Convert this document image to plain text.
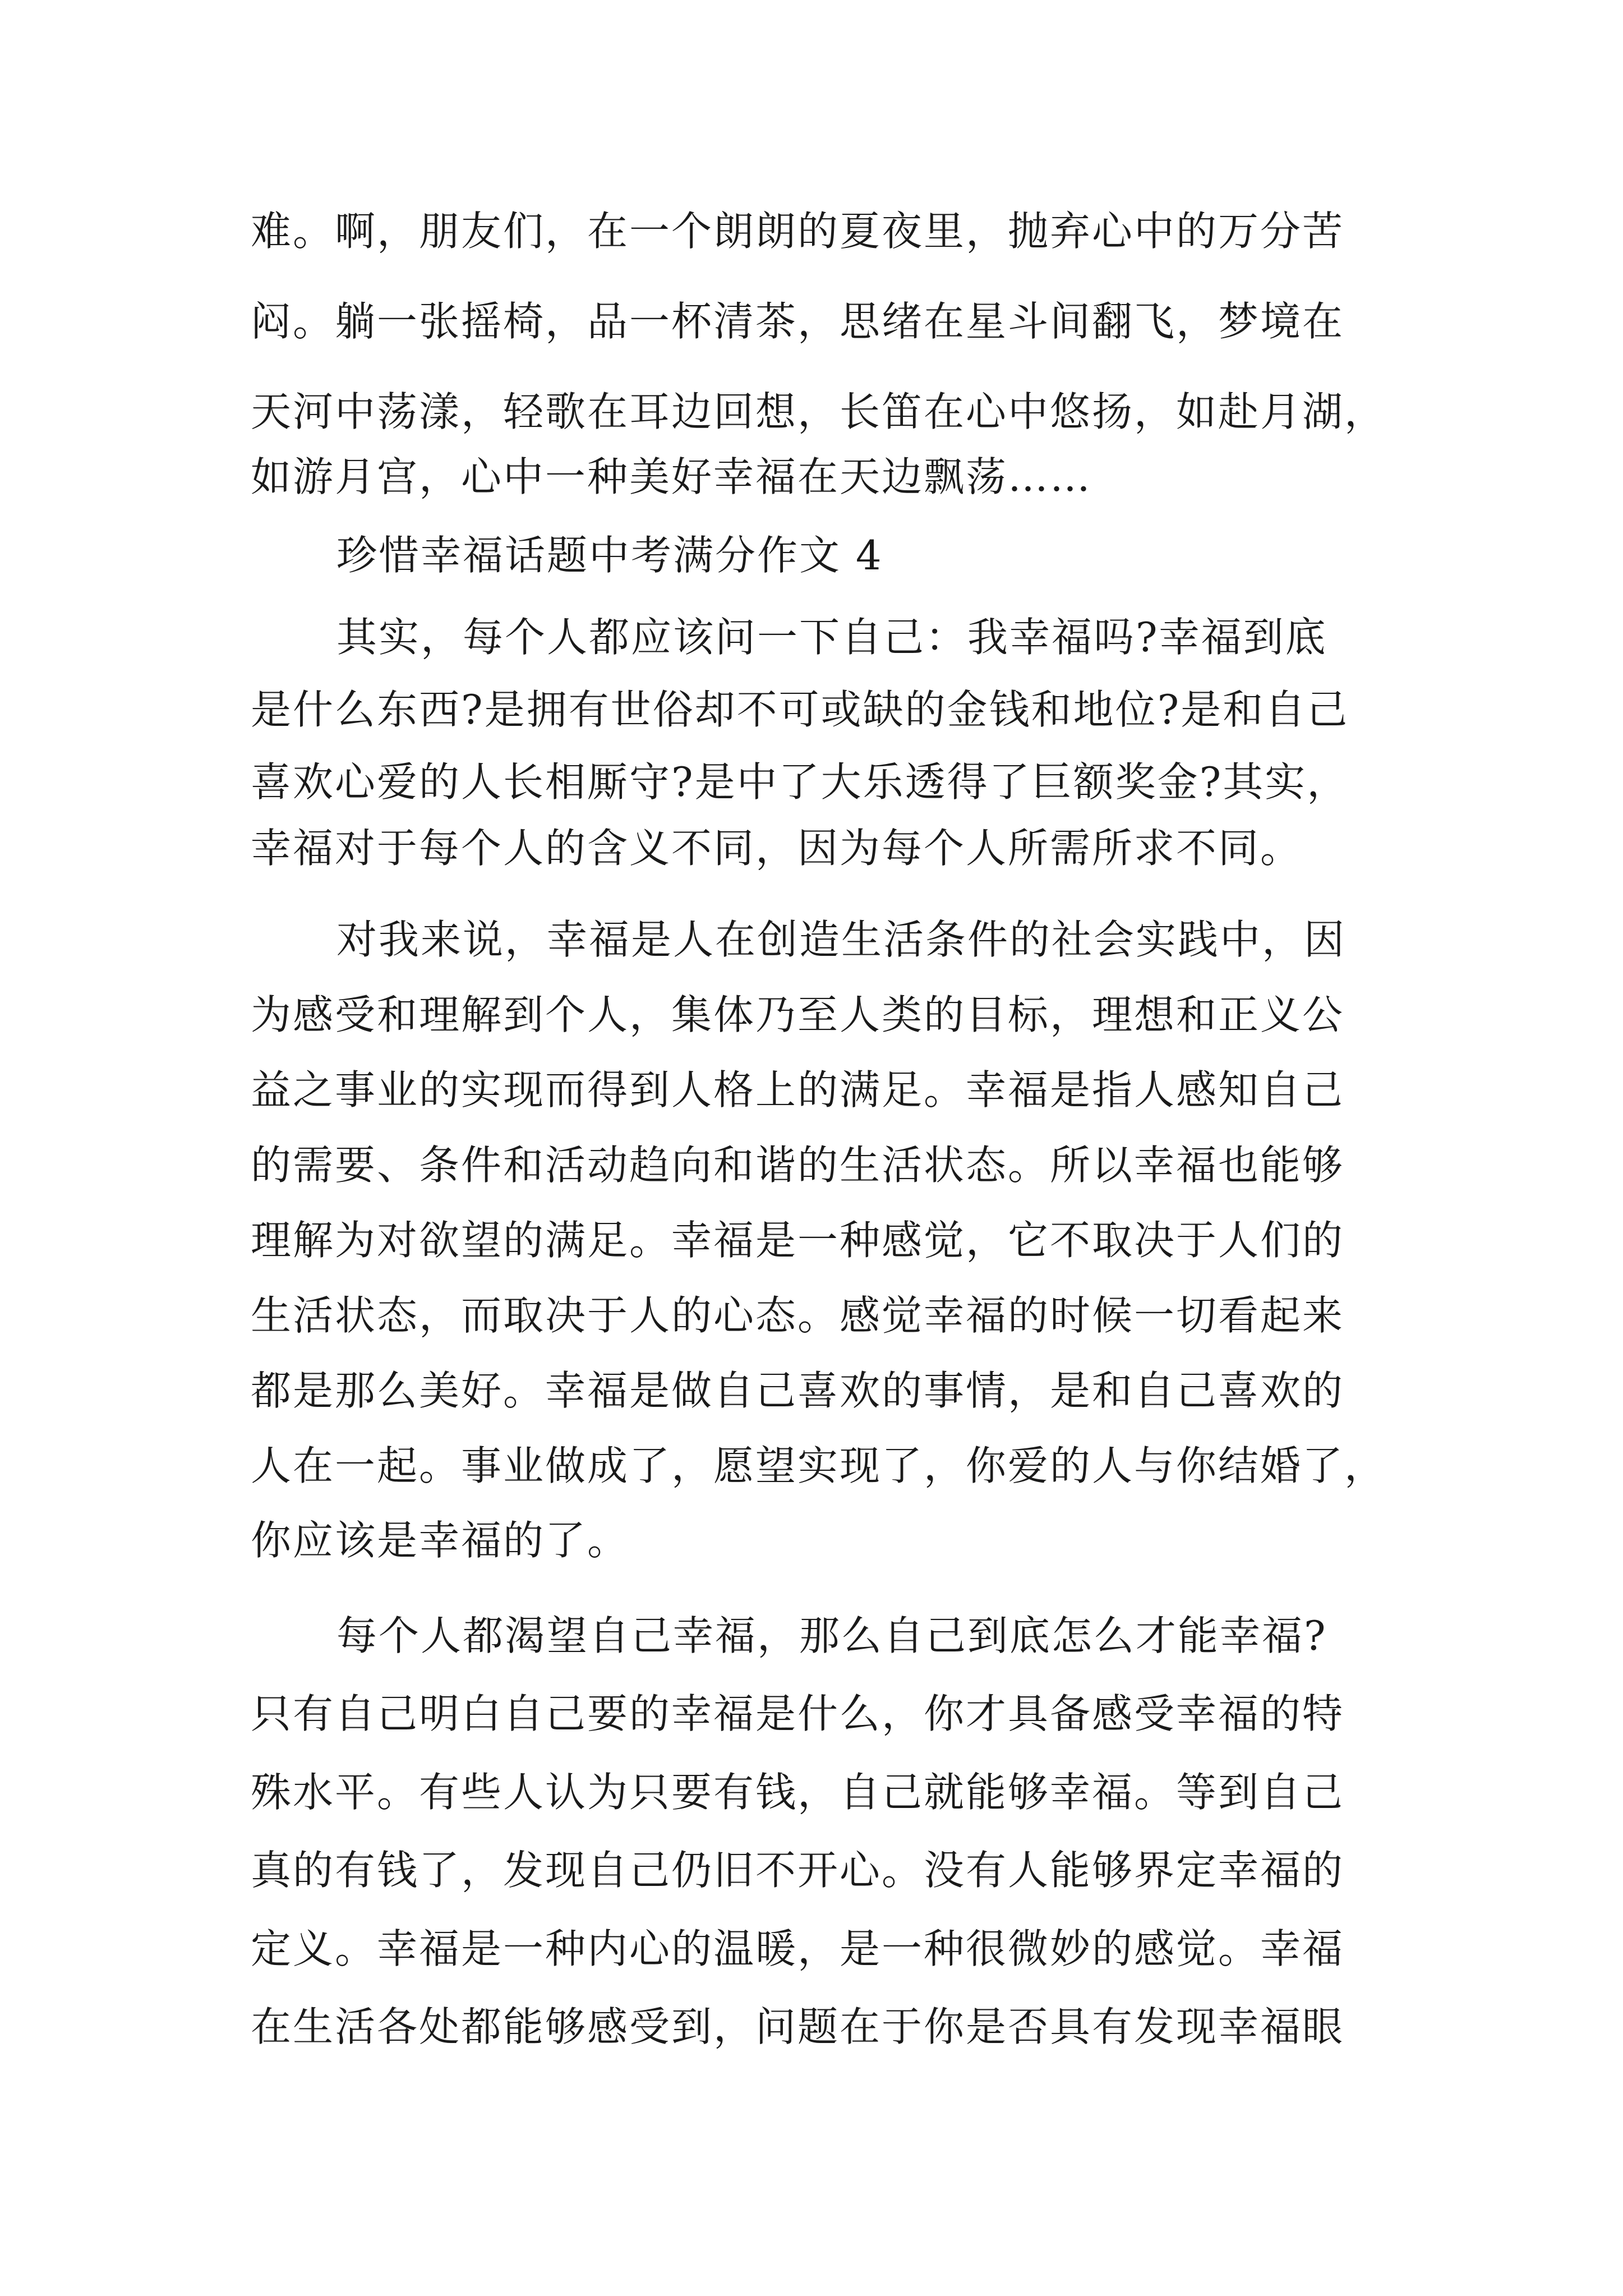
难。啊，朋友们，在一个朗朗的夏夜里，抛弃心中的万分苦
闷。躺一张摇椅，品一杯清茶，思绪在星斗间翻飞，梦境在
天河中荡漾，轻歌在耳边回想，长笛在心中悠扬，如赴月湖，
如游月宫，心中一种美好幸福在天边飘荡……
珍惜幸福话题中考满分作文 4
其实，每个人都应该问一下自己：我幸福吗?幸福到底
是什么东西?是拥有世俗却不可或缺的金钱和地位?是和自己
喜欢心爱的人长相厮守?是中了大乐透得了巨额奖金?其实，
幸福对于每个人的含义不同，因为每个人所需所求不同。
对我来说，幸福是人在创造生活条件的社会实践中，因
为感受和理解到个人，集体乃至人类的目标，理想和正义公
益之事业的实现而得到人格上的满足。幸福是指人感知自己
的需要、条件和活动趋向和谐的生活状态。所以幸福也能够
理解为对欲望的满足。幸福是一种感觉，它不取决于人们的
生活状态，而取决于人的心态。感觉幸福的时候一切看起来
都是那么美好。幸福是做自己喜欢的事情，是和自己喜欢的
人在一起。事业做成了，愿望实现了，你爱的人与你结婚了，
你应该是幸福的了。
每个人都渴望自己幸福，那么自己到底怎么才能幸福?
只有自己明白自己要的幸福是什么，你才具备感受幸福的特
殊水平。有些人认为只要有钱，自己就能够幸福。等到自己
真的有钱了，发现自己仍旧不开心。没有人能够界定幸福的
定义。幸福是一种内心的温暖，是一种很微妙的感觉。幸福
在生活各处都能够感受到，问题在于你是否具有发现幸福眼
